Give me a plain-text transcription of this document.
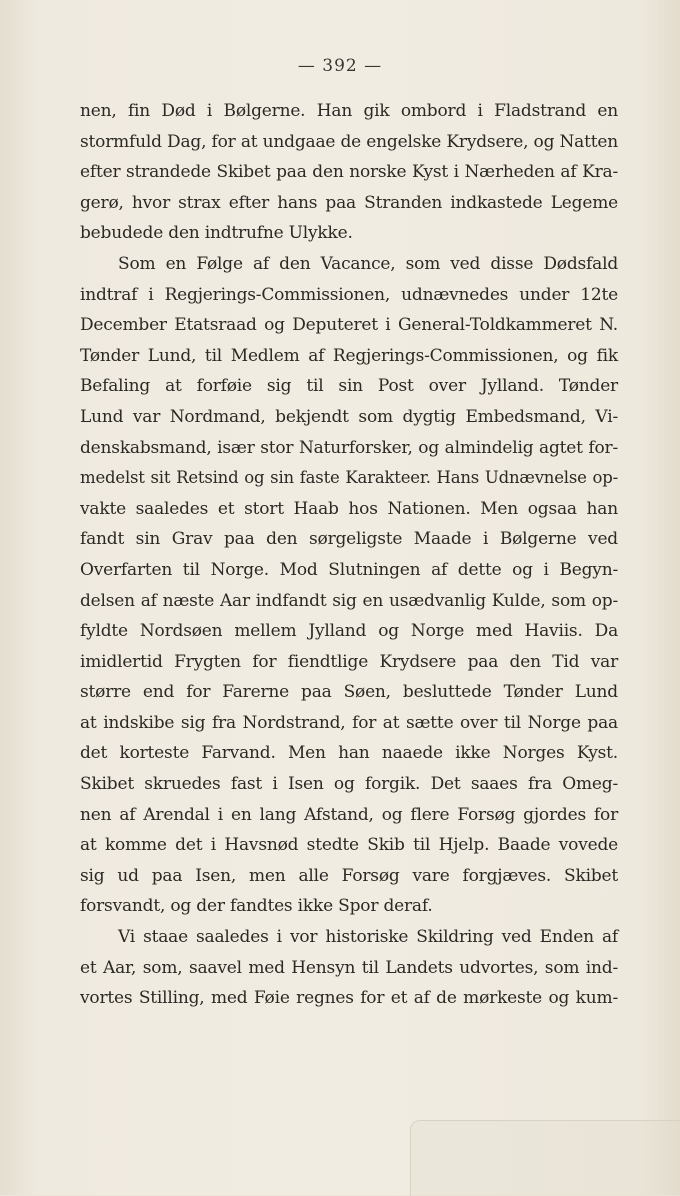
— 392 —
nen, fin Død i Bølgerne. Han gik ombord i Fladstrand en
stormfuld Dag, for at undgaae de engelske Krydsere, og Natten
efter strandede Skibet paa den norske Kyst i Nærheden af Kra-
gerø, hvor strax efter hans paa Stranden indkastede Legeme
bebudede den indtrufne Ulykke.
Som en Følge af den Vacance, som ved disse Dødsfald
indtraf i Regjerings-Commissionen, udnævnedes under 12te
December Etatsraad og Deputeret i General-Toldkammeret N.
Tønder Lund, til Medlem af Regjerings-Commissionen, og fik
Befaling at forføie sig til sin Post over Jylland. Tønder
Lund var Nordmand, bekjendt som dygtig Embedsmand, Vi-
denskabsmand, især stor Naturforsker, og almindelig agtet for-
medelst sit Retsind og sin faste Karakteer. Hans Udnævnelse op-
vakte saaledes et stort Haab hos Nationen. Men ogsaa han
fandt sin Grav paa den sørgeligste Maade i Bølgerne ved
Overfarten til Norge. Mod Slutningen af dette og i Begyn-
delsen af næste Aar indfandt sig en usædvanlig Kulde, som op-
fyldte Nordsøen mellem Jylland og Norge med Haviis. Da
imidlertid Frygten for fiendtlige Krydsere paa den Tid var
større end for Farerne paa Søen, besluttede Tønder Lund
at indskibe sig fra Nordstrand, for at sætte over til Norge paa
det korteste Farvand. Men han naaede ikke Norges Kyst.
Skibet skruedes fast i Isen og forgik. Det saaes fra Omeg-
nen af Arendal i en lang Afstand, og flere Forsøg gjordes for
at komme det i Havsnød stedte Skib til Hjelp. Baade vovede
sig ud paa Isen, men alle Forsøg vare forgjæves. Skibet
forsvandt, og der fandtes ikke Spor deraf.
Vi staae saaledes i vor historiske Skildring ved Enden af
et Aar, som, saavel med Hensyn til Landets udvortes, som ind-
vortes Stilling, med Føie regnes for et af de mørkeste og kum-
